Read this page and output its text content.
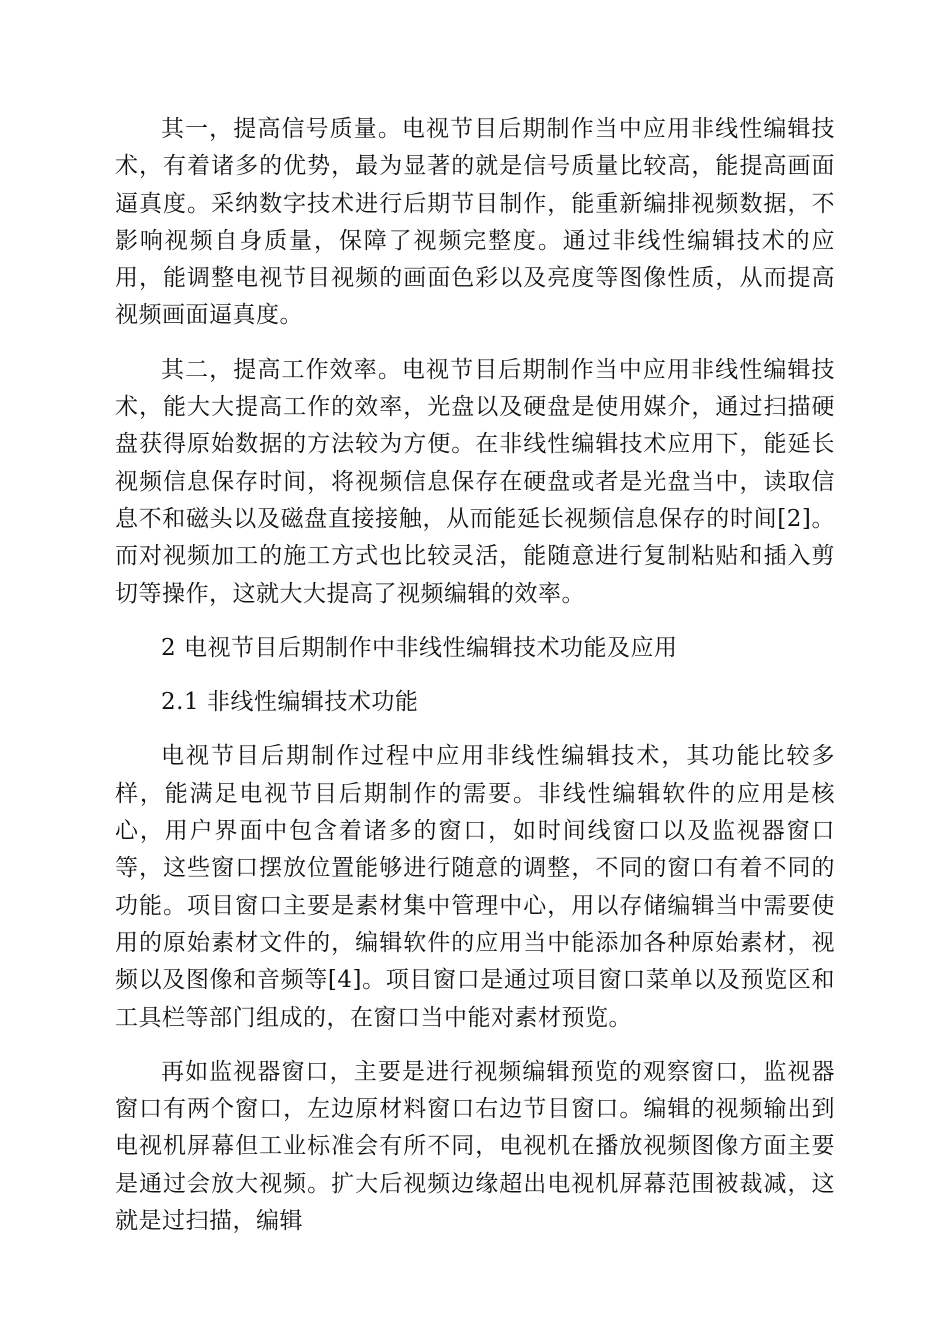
其一，提高信号质量。电视节目后期制作当中应用非线性编辑技术，有着诸多的优势，最为显著的就是信号质量比较高，能提高画面逼真度。采纳数字技术进行后期节目制作，能重新编排视频数据，不影响视频自身质量，保障了视频完整度。通过非线性编辑技术的应用，能调整电视节目视频的画面色彩以及亮度等图像性质，从而提高视频画面逼真度。

其二，提高工作效率。电视节目后期制作当中应用非线性编辑技术，能大大提高工作的效率，光盘以及硬盘是使用媒介，通过扫描硬盘获得原始数据的方法较为方便。在非线性编辑技术应用下，能延长视频信息保存时间，将视频信息保存在硬盘或者是光盘当中，读取信息不和磁头以及磁盘直接接触，从而能延长视频信息保存的时间[2]。而对视频加工的施工方式也比较灵活，能随意进行复制粘贴和插入剪切等操作，这就大大提高了视频编辑的效率。

2 电视节目后期制作中非线性编辑技术功能及应用

2.1 非线性编辑技术功能

电视节目后期制作过程中应用非线性编辑技术，其功能比较多样，能满足电视节目后期制作的需要。非线性编辑软件的应用是核心，用户界面中包含着诸多的窗口，如时间线窗口以及监视器窗口等，这些窗口摆放位置能够进行随意的调整，不同的窗口有着不同的功能。项目窗口主要是素材集中管理中心，用以存储编辑当中需要使用的原始素材文件的，编辑软件的应用当中能添加各种原始素材，视频以及图像和音频等[4]。项目窗口是通过项目窗口菜单以及预览区和工具栏等部门组成的，在窗口当中能对素材预览。

再如监视器窗口，主要是进行视频编辑预览的观察窗口，监视器窗口有两个窗口，左边原材料窗口右边节目窗口。编辑的视频输出到电视机屏幕但工业标准会有所不同，电视机在播放视频图像方面主要是通过会放大视频。扩大后视频边缘超出电视机屏幕范围被裁减，这就是过扫描，编辑
